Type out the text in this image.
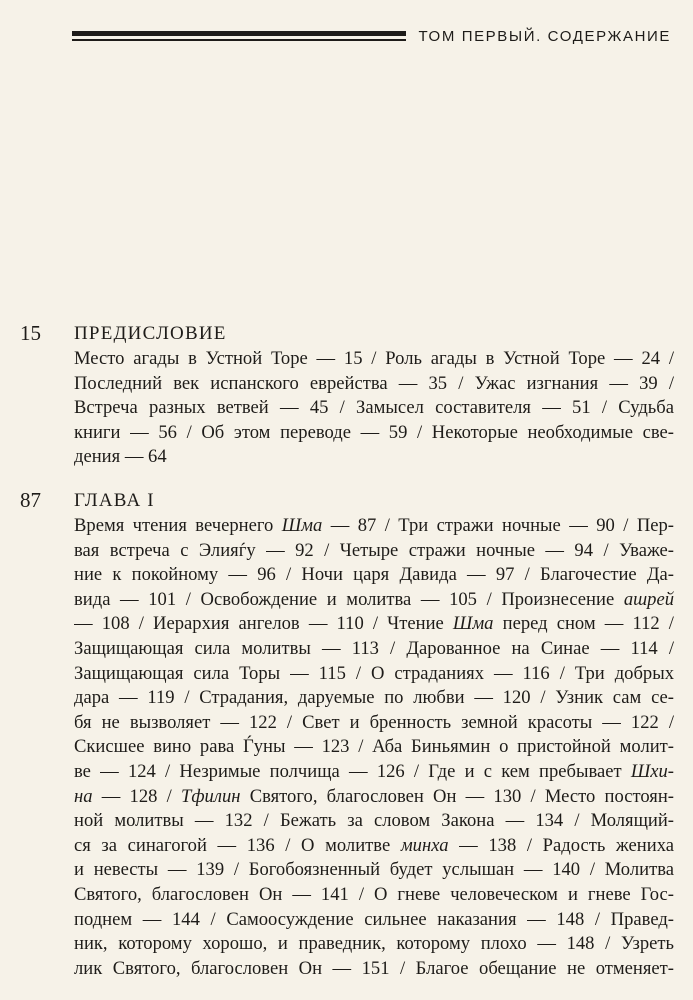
ТОМ ПЕРВЫЙ. СОДЕРЖАНИЕ
15 ПРЕДИСЛОВИЕ
Место агады в Устной Торе — 15 / Роль агады в Устной Торе — 24 /
Последний век испанского еврейства — 35 / Ужас изгнания — 39 /
Встреча разных ветвей — 45 / Замысел составителя — 51 / Судьба
книги — 56 / Об этом переводе — 59 / Некоторые необходимые све-
дения — 64
87 ГЛАВА I
Время чтения вечернего Шма — 87 / Три стражи ночные — 90 / Пер-
вая встреча с Элияѓу — 92 / Четыре стражи ночные — 94 / Уваже-
ние к покойному — 96 / Ночи царя Давида — 97 / Благочестие Да-
вида — 101 / Освобождение и молитва — 105 / Произнесение ашрей
— 108 / Иерархия ангелов — 110 / Чтение Шма перед сном — 112 /
Защищающая сила молитвы — 113 / Дарованное на Синае — 114 /
Защищающая сила Торы — 115 / О страданиях — 116 / Три добрых
дара — 119 / Страдания, даруемые по любви — 120 / Узник сам се-
бя не вызволяет — 122 / Свет и бренность земной красоты — 122 /
Скисшее вино рава Ѓуны — 123 / Аба Биньямин о пристойной молит-
ве — 124 / Незримые полчища — 126 / Где и с кем пребывает Шхи-
на — 128 / Тфилин Святого, благословен Он — 130 / Место постоян-
ной молитвы — 132 / Бежать за словом Закона — 134 / Молящий-
ся за синагогой — 136 / О молитве минха — 138 / Радость жениха
и невесты — 139 / Богобоязненный будет услышан — 140 / Молитва
Святого, благословен Он — 141 / О гневе человеческом и гневе Гос-
поднем — 144 / Самоосуждение сильнее наказания — 148 / Правед-
ник, которому хорошо, и праведник, которому плохо — 148 / Узреть
лик Святого, благословен Он — 151 / Благое обещание не отменяет-
